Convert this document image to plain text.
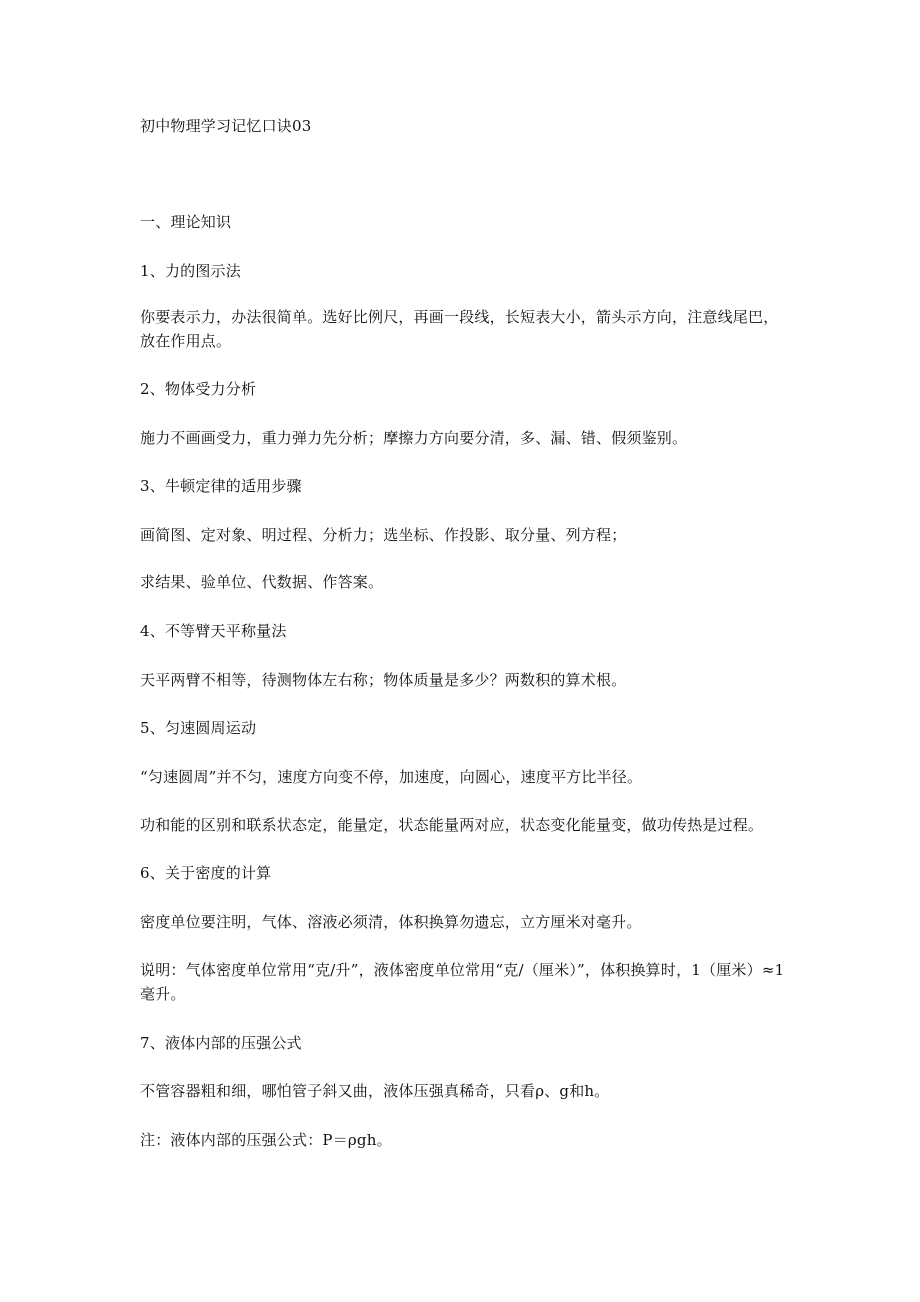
初中物理学习记忆口诀03
一、理论知识
1、力的图示法
你要表示力，办法很简单。选好比例尺，再画一段线，长短表大小，箭头示方向，注意线尾巴，放在作用点。
2、物体受力分析
施力不画画受力，重力弹力先分析；摩擦力方向要分清，多、漏、错、假须鉴别。
3、牛顿定律的适用步骤
画简图、定对象、明过程、分析力；选坐标、作投影、取分量、列方程；
求结果、验单位、代数据、作答案。
4、不等臂天平称量法
天平两臂不相等，待测物体左右称；物体质量是多少？两数积的算术根。
5、匀速圆周运动
“匀速圆周”并不匀，速度方向变不停，加速度，向圆心，速度平方比半径。
功和能的区别和联系状态定，能量定，状态能量两对应，状态变化能量变，做功传热是过程。
6、关于密度的计算
密度单位要注明，气体、溶液必须清，体积换算勿遗忘，立方厘米对毫升。
说明：气体密度单位常用“克/升”，液体密度单位常用“克/（厘米）”，体积换算时，1（厘米）≈1毫升。
7、液体内部的压强公式
不管容器粗和细，哪怕管子斜又曲，液体压强真稀奇，只看ρ、g和h。
注：液体内部的压强公式：P＝ρgh。
